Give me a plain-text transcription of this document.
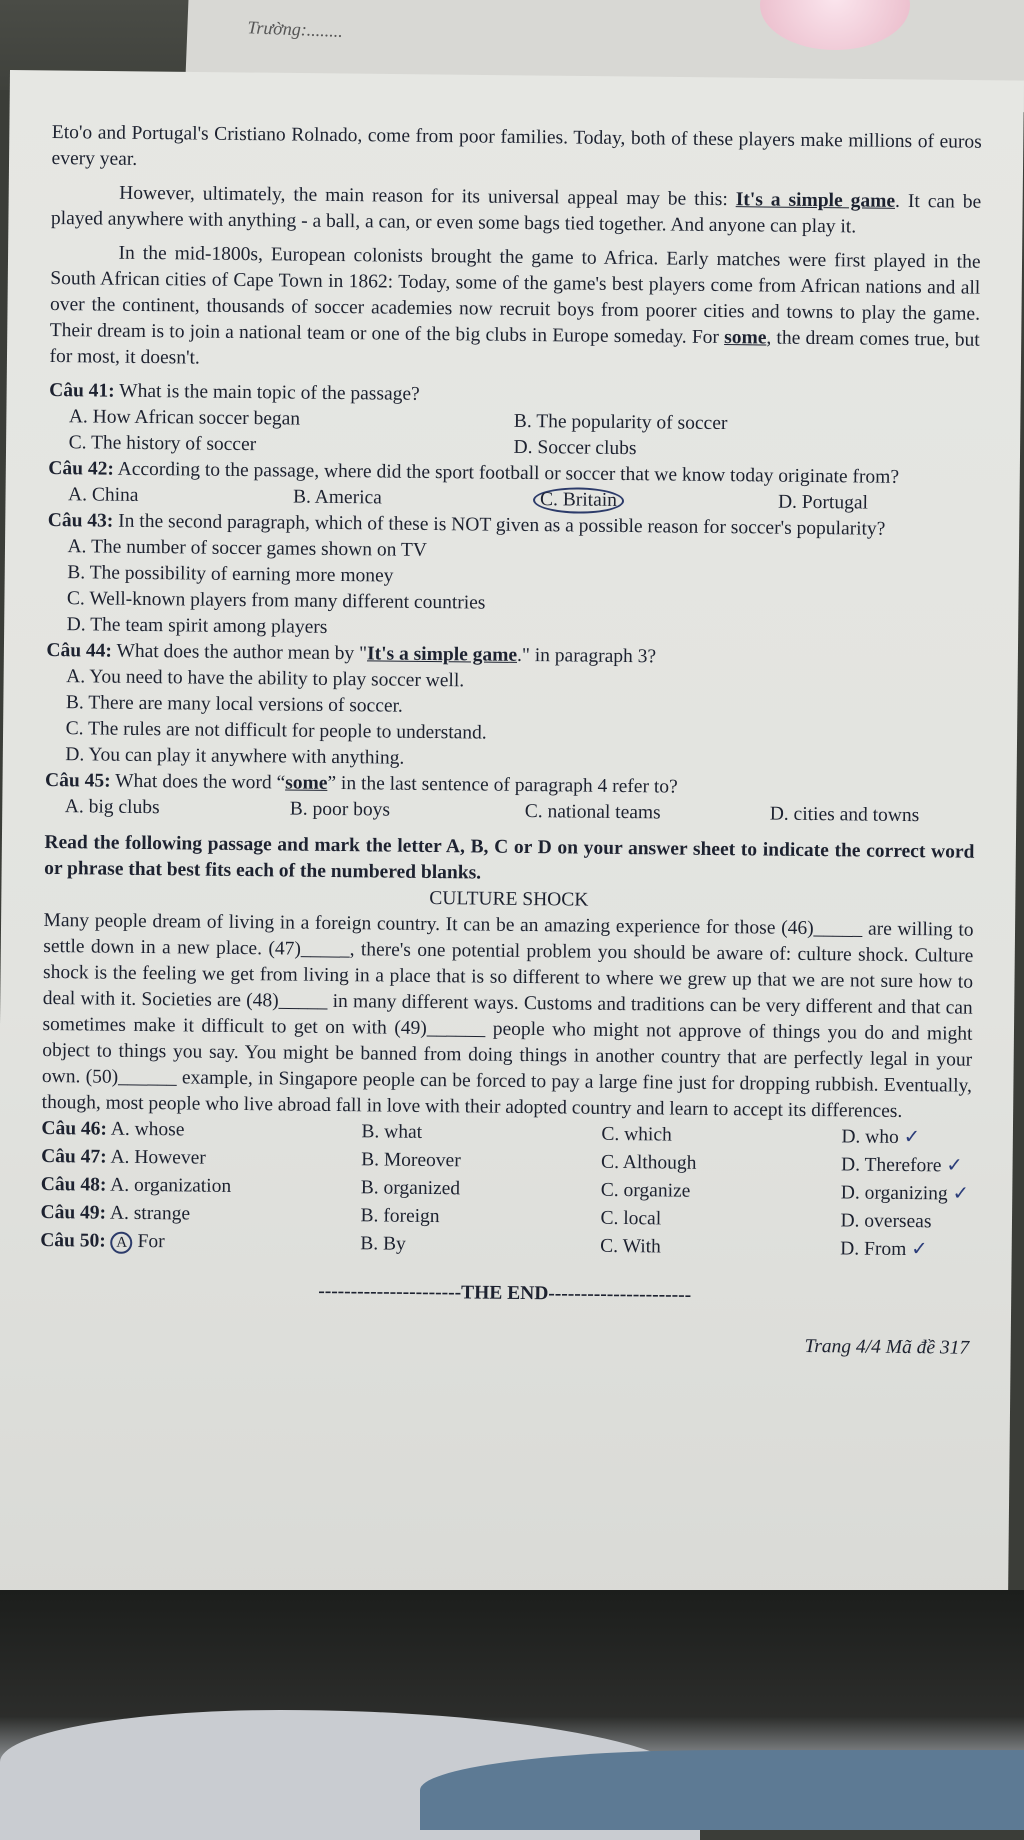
Trường:........

Eto'o and Portugal's Cristiano Rolnado, come from poor families. Today, both of these players make millions of euros every year.

However, ultimately, the main reason for its universal appeal may be this: It's a simple game. It can be played anywhere with anything - a ball, a can, or even some bags tied together. And anyone can play it.

In the mid-1800s, European colonists brought the game to Africa. Early matches were first played in the South African cities of Cape Town in 1862: Today, some of the game's best players come from African nations and all over the continent, thousands of soccer academies now recruit boys from poorer cities and towns to play the game. Their dream is to join a national team or one of the big clubs in Europe someday. For some, the dream comes true, but for most, it doesn't.

Câu 41: What is the main topic of the passage?
A. How African soccer began	B. The popularity of soccer
C. The history of soccer	D. Soccer clubs
Câu 42: According to the passage, where did the sport football or soccer that we know today originate from?
A. China	B. America	C. Britain	D. Portugal
Câu 43: In the second paragraph, which of these is NOT given as a possible reason for soccer's popularity?
A. The number of soccer games shown on TV
B. The possibility of earning more money
C. Well-known players from many different countries
D. The team spirit among players
Câu 44: What does the author mean by "It's a simple game." in paragraph 3?
A. You need to have the ability to play soccer well.
B. There are many local versions of soccer.
C. The rules are not difficult for people to understand.
D. You can play it anywhere with anything.
Câu 45: What does the word “some” in the last sentence of paragraph 4 refer to?
A. big clubs	B. poor boys	C. national teams	D. cities and towns

Read the following passage and mark the letter A, B, C or D on your answer sheet to indicate the correct word or phrase that best fits each of the numbered blanks.

CULTURE SHOCK

Many people dream of living in a foreign country. It can be an amazing experience for those (46)_____ are willing to settle down in a new place. (47)_____, there's one potential problem you should be aware of: culture shock. Culture shock is the feeling we get from living in a place that is so different to where we grew up that we are not sure how to deal with it. Societies are (48)_____ in many different ways. Customs and traditions can be very different and that can sometimes make it difficult to get on with (49)______ people who might not approve of things you do and might object to things you say. You might be banned from doing things in another country that are perfectly legal in your own. (50)______ example, in Singapore people can be forced to pay a large fine just for dropping rubbish. Eventually, though, most people who live abroad fall in love with their adopted country and learn to accept its differences.

Câu 46: A. whose	B. what	C. which	D. who ✓
Câu 47: A. However	B. Moreover	C. Although	D. Therefore ✓
Câu 48: A. organization	B. organized	C. organize	D. organizing ✓
Câu 49: A. strange	B. foreign	C. local	D. overseas
Câu 50: A For	B. By	C. With	D. From ✓
----------------------THE END----------------------
Trang 4/4 Mã đề 317
